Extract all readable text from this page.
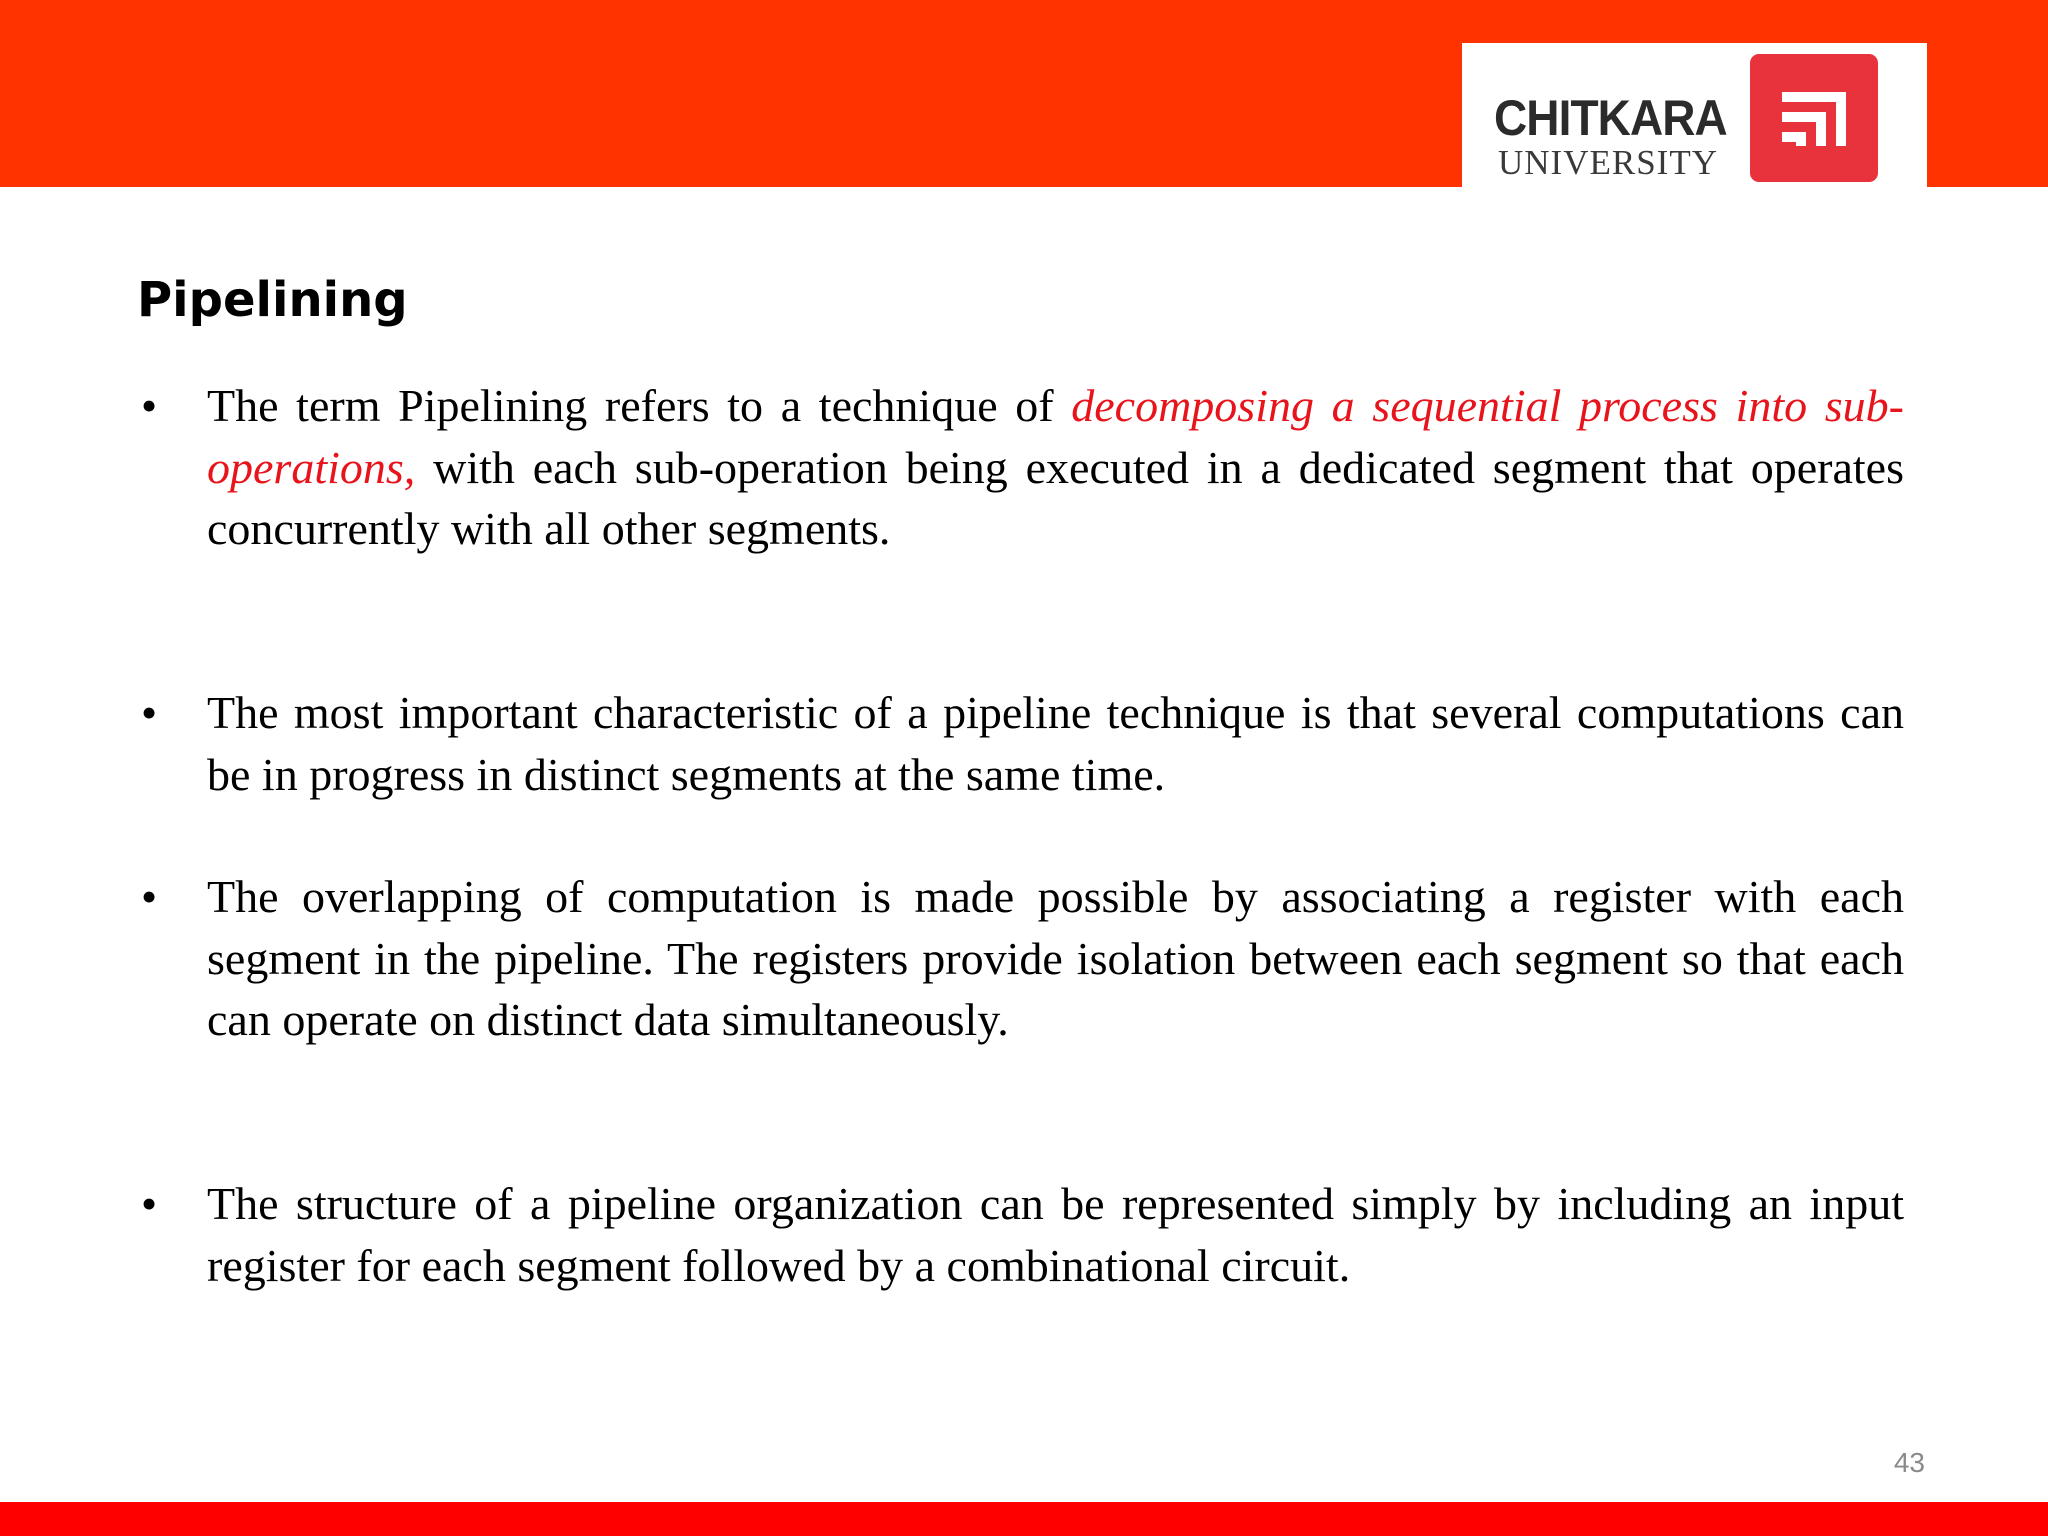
CHITKARA
UNIVERSITY
Pipelining
• The term Pipelining refers to a technique of decomposing a sequential process into sub-operations, with each sub-operation being executed in a dedicated segment that operates concurrently with all other segments.
• The most important characteristic of a pipeline technique is that several computations can be in progress in distinct segments at the same time.
• The overlapping of computation is made possible by associating a register with each segment in the pipeline. The registers provide isolation between each segment so that each can operate on distinct data simultaneously.
• The structure of a pipeline organization can be represented simply by including an input register for each segment followed by a combinational circuit.
43
